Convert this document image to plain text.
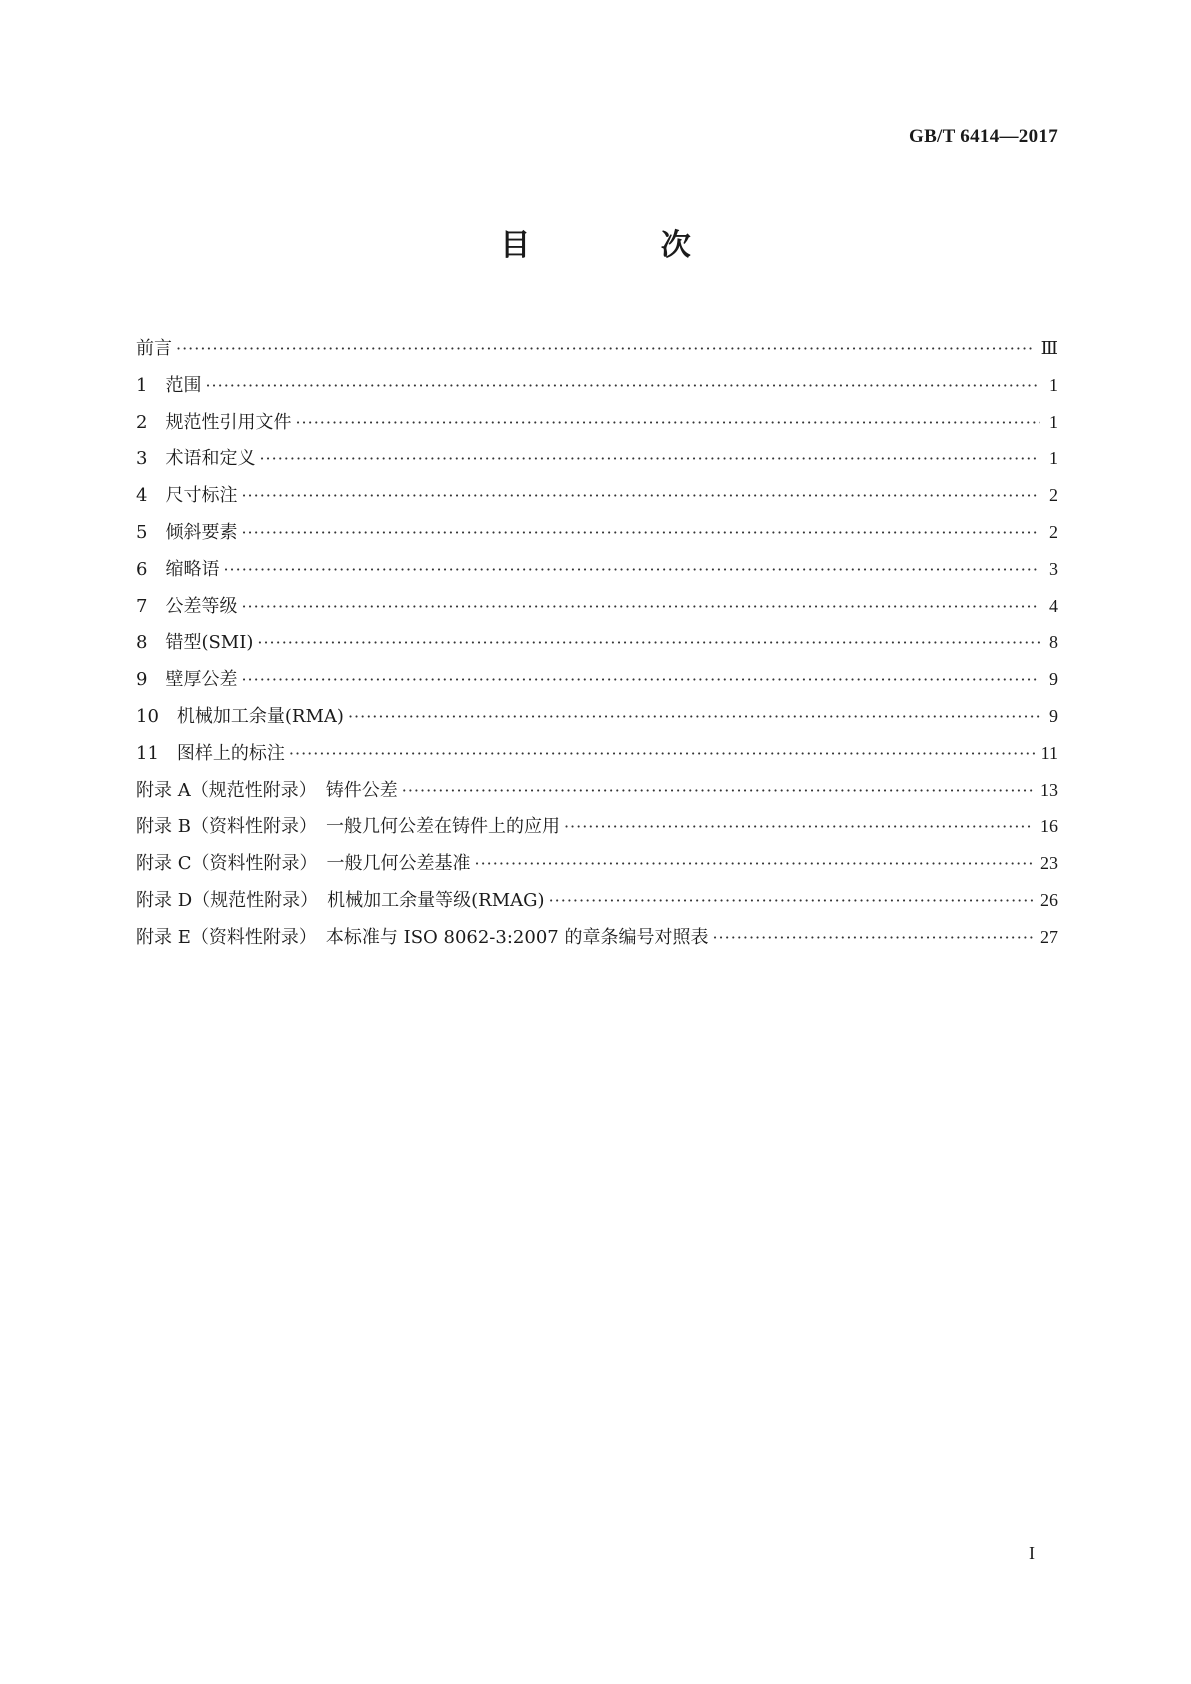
GB/T 6414—2017
目 次
前言 ·····	Ⅲ
1　范围 ·····	1
2　规范性引用文件 ·····	1
3　术语和定义 ·····	1
4　尺寸标注 ·····	2
5　倾斜要素 ·····	2
6　缩略语 ·····	3
7　公差等级 ·····	4
8　错型(SMI) ·····	8
9　壁厚公差 ·····	9
10　机械加工余量(RMA) ·····	9
11　图样上的标注 ·····	11
附录 A（规范性附录）　铸件公差 ·····	13
附录 B（资料性附录）　一般几何公差在铸件上的应用 ·····	16
附录 C（资料性附录）　一般几何公差基准 ·····	23
附录 D（规范性附录）　机械加工余量等级(RMAG) ·····	26
附录 E（资料性附录）　本标准与 ISO 8062-3:2007 的章条编号对照表 ·····	27
I
